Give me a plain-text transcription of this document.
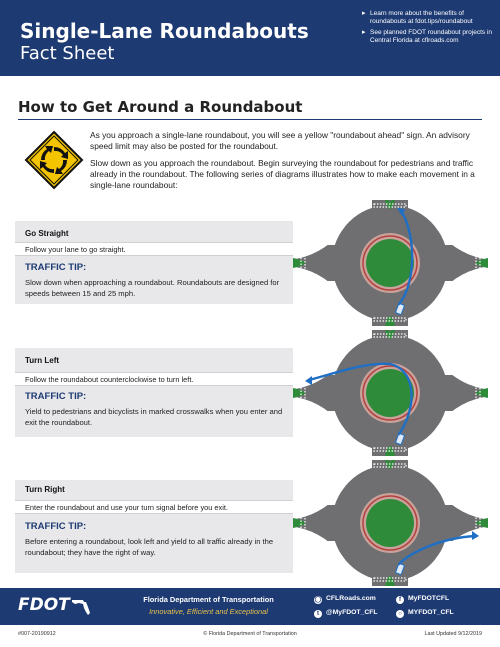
Single-Lane Roundabouts
Fact Sheet
▸ Learn more about the benefits of roundabouts at fdot.tips/roundabout
▸ See planned FDOT roundabout projects in Central Florida at cflroads.com
How to Get Around a Roundabout

As you approach a single-lane roundabout, you will see a yellow "roundabout ahead" sign. An advisory speed limit may also be posted for the roundabout.

Slow down as you approach the roundabout. Begin surveying the roundabout for pedestrians and traffic already in the roundabout. The following series of diagrams illustrates how to make each movement in a single-lane roundabout:

Go Straight
Follow your lane to go straight.
TRAFFIC TIP:
Slow down when approaching a roundabout. Roundabouts are designed for speeds between 15 and 25 mph.
Turn Left
Follow the roundabout counterclockwise to turn left.
TRAFFIC TIP:
Yield to pedestrians and bicyclists in marked crosswalks when you enter and exit the roundabout.
Turn Right
Enter the roundabout and use your turn signal before you exit.
TRAFFIC TIP:
Before entering a roundabout, look left and yield to all traffic already in the roundabout; they have the right of way.
FDOT	Florida Department of Transportation
Innovative, Efficient and Exceptional
◯ CFLRoads.com
t @MyFDOT_CFL
f MyFDOTCFL
○ MYFDOT_CFL
#007-20190912	© Florida Department of Transportation	Last Updated 9/12/2019
